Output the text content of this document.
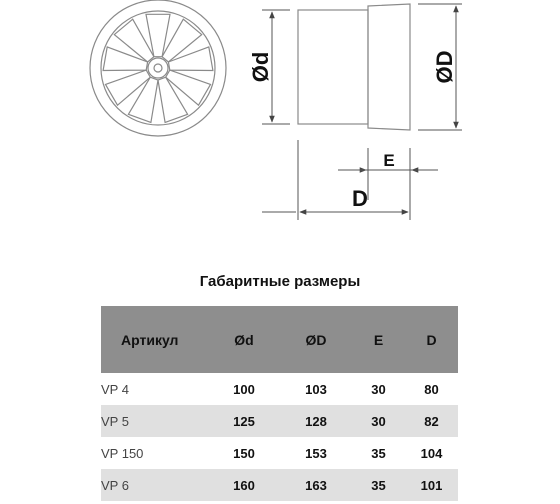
Ød	ØD
E
D
Габаритные размеры
Артикул	Ød	ØD	E	D
VP 4	100	103	30	80
VP 5	125	128	30	82
VP 150	150	153	35	104
VP 6	160	163	35	101
